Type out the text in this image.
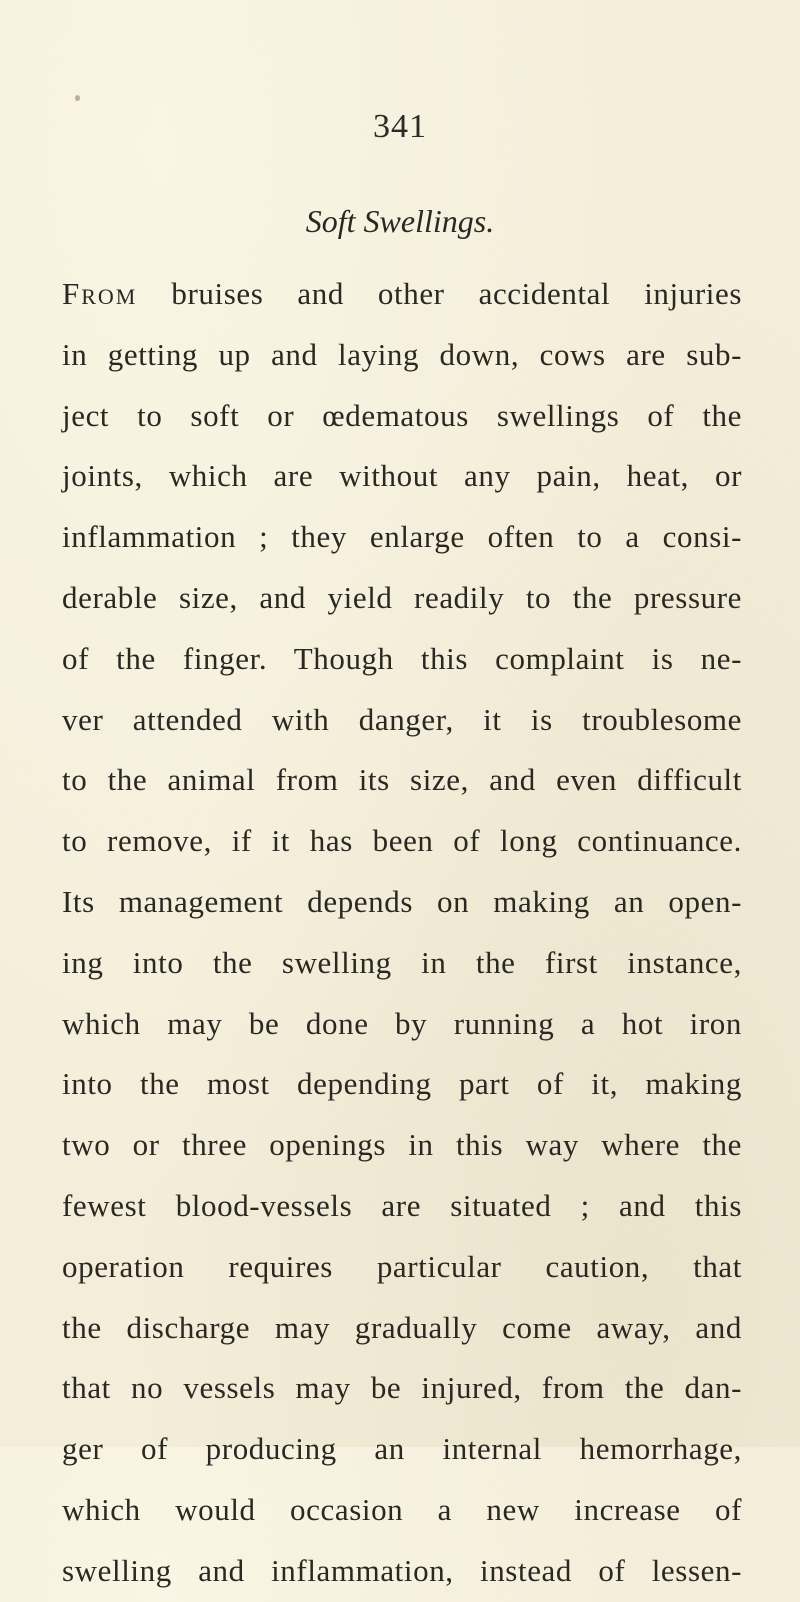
341
Soft Swellings.
From bruises and other accidental injuries
in getting up and laying down, cows are sub-
ject to soft or œdematous swellings of the
joints, which are without any pain, heat, or
inflammation ; they enlarge often to a consi-
derable size, and yield readily to the pressure
of the finger. Though this complaint is ne-
ver attended with danger, it is troublesome
to the animal from its size, and even difficult
to remove, if it has been of long continuance.
Its management depends on making an open-
ing into the swelling in the first instance,
which may be done by running a hot iron
into the most depending part of it, making
two or three openings in this way where the
fewest blood-vessels are situated ; and this
operation requires particular caution, that
the discharge may gradually come away, and
that no vessels may be injured, from the dan-
ger of producing an internal hemorrhage,
which would occasion a new increase of
swelling and inflammation, instead of lessen-
